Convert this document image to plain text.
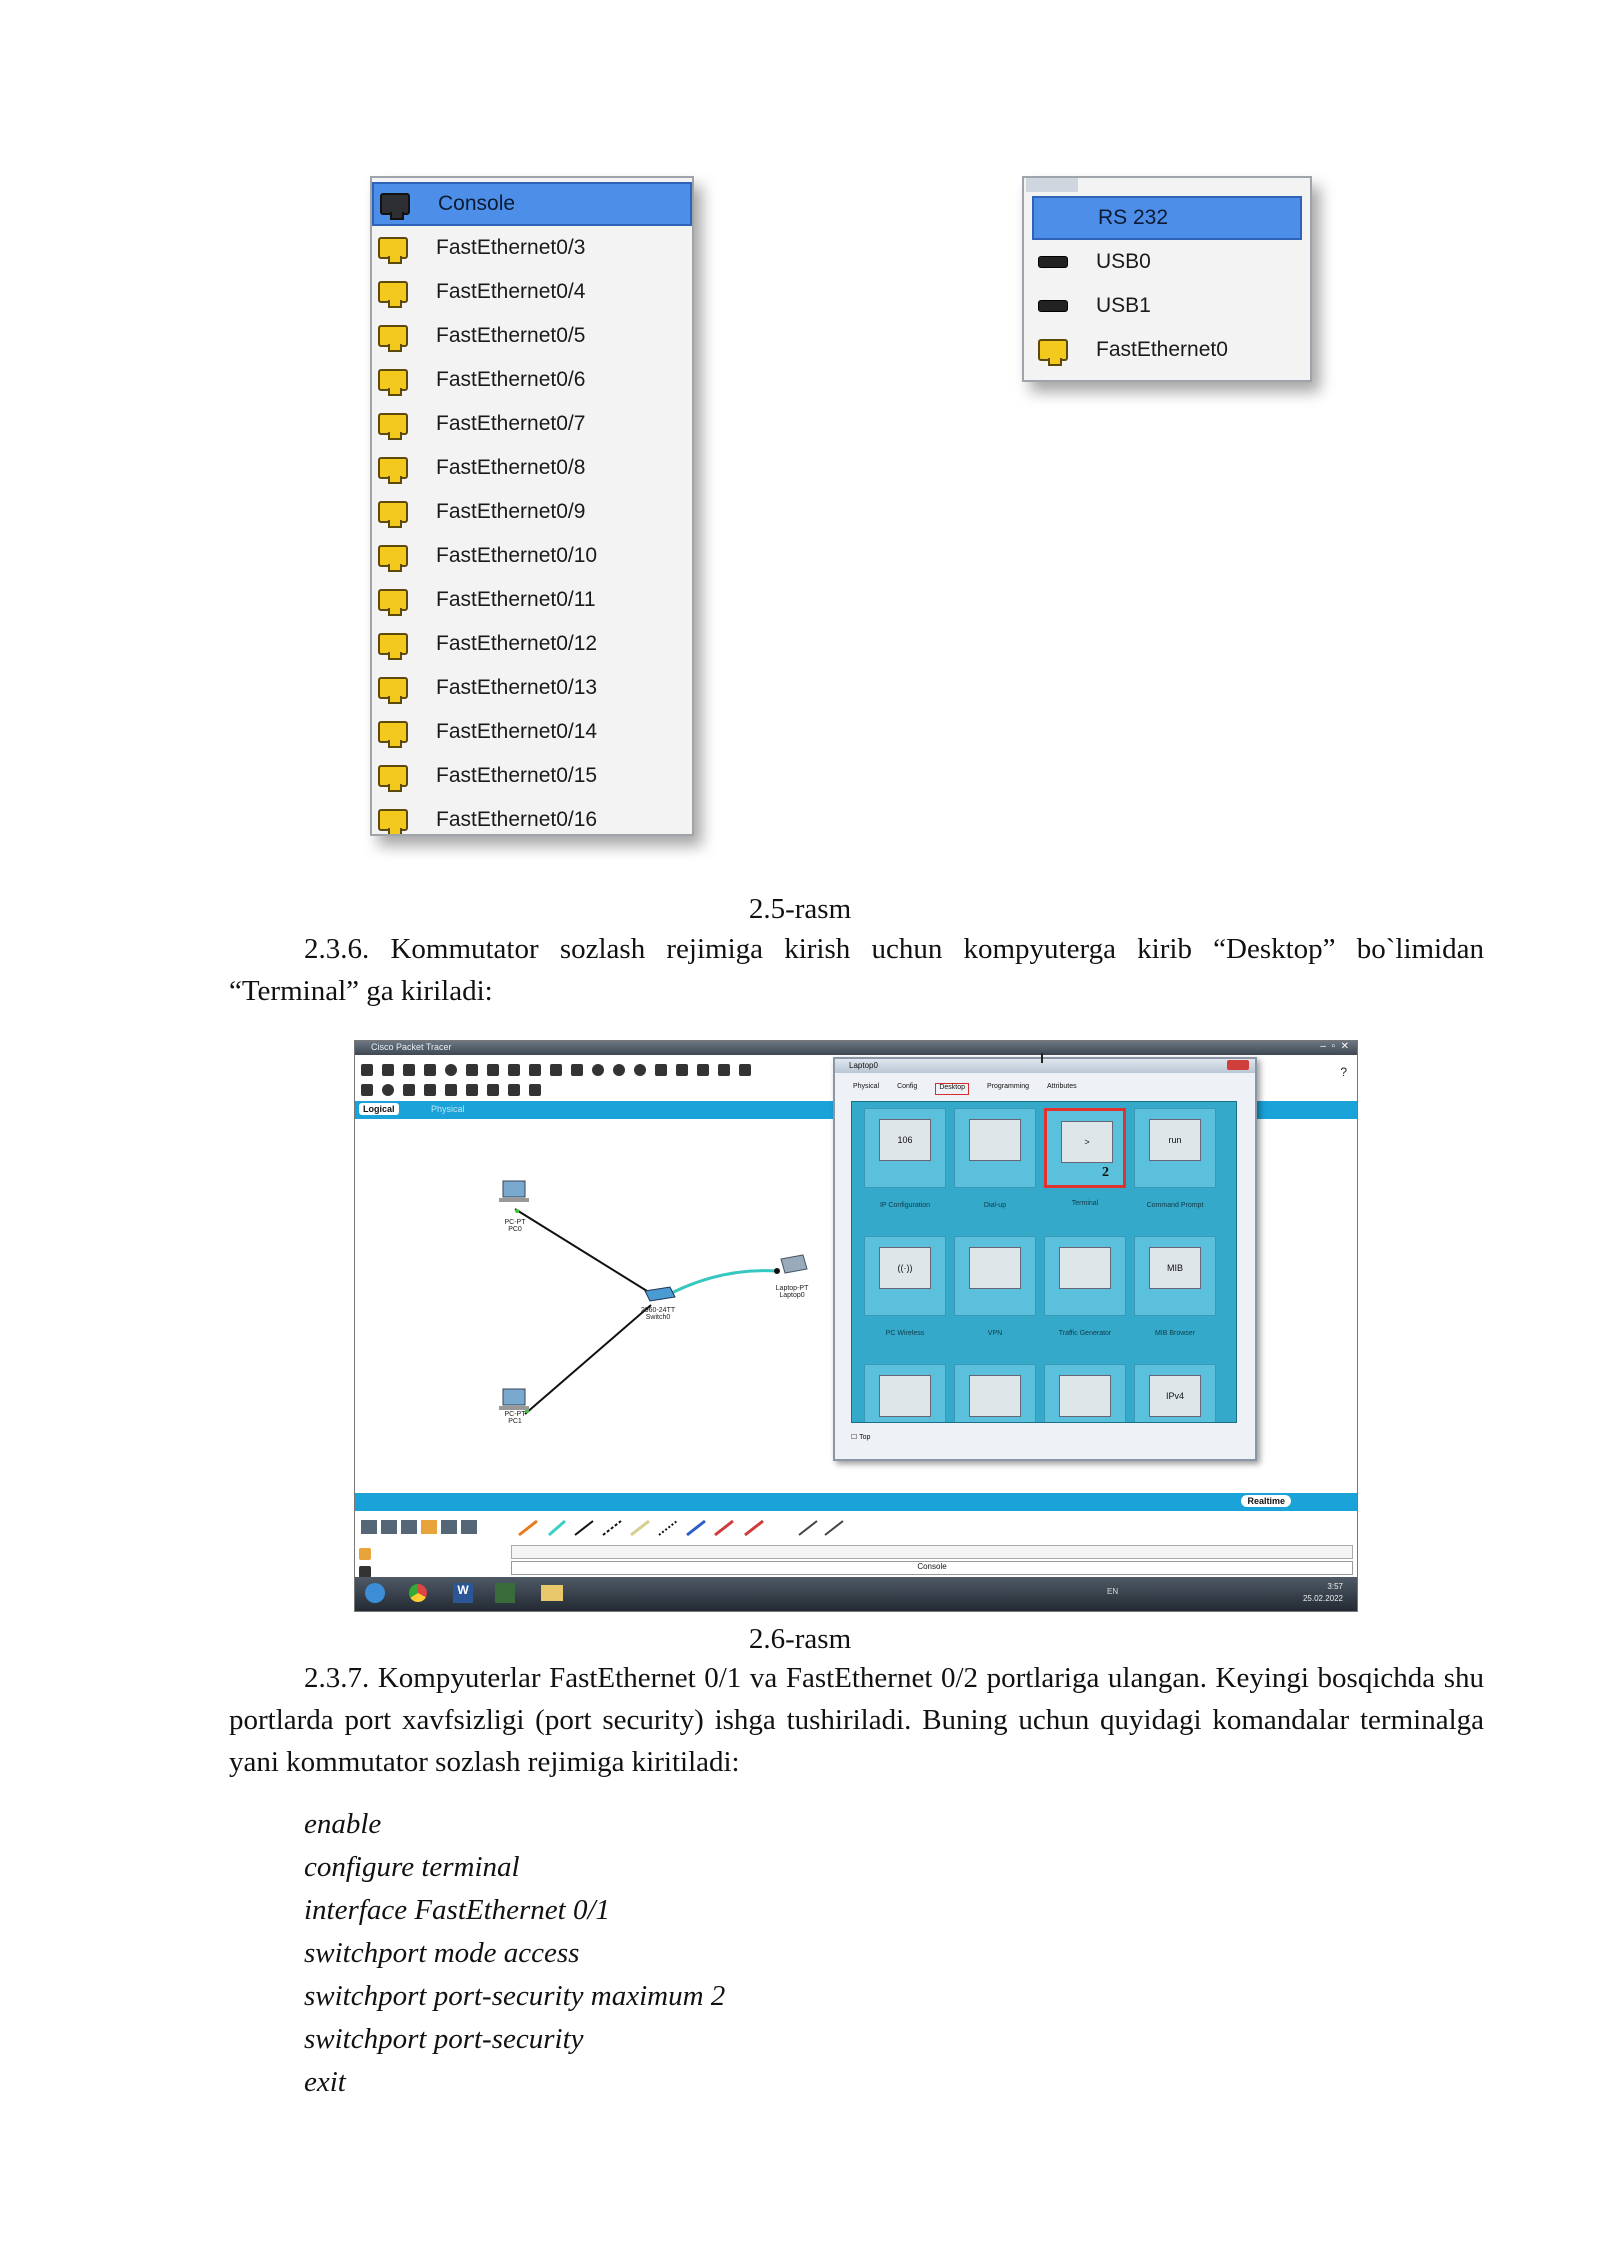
Console
FastEthernet0/3
FastEthernet0/4
FastEthernet0/5
FastEthernet0/6
FastEthernet0/7
FastEthernet0/8
FastEthernet0/9
FastEthernet0/10
FastEthernet0/11
FastEthernet0/12
FastEthernet0/13
FastEthernet0/14
FastEthernet0/15
FastEthernet0/16
RS 232
USB0
USB1
FastEthernet0
2.5-rasm
2.3.6. Kommutator sozlash rejimiga kirish uchun kompyuterga kirib “Desktop” bo`limidan “Terminal” ga kiriladi:
Cisco Packet Tracer	–  ▫  ✕
?
Logical	Physical
PC-PT
PC0
PC-PT
PC1
2960-24TT
Switch0
Laptop-PT
Laptop0
Laptop0
Physical	Config	Desktop	Programming	Attributes
106
IP Configuration	Dial-up
>
2
Terminal
run
Command Prompt
((·))
PC Wireless	VPN	Traffic Generator
MIB
MIB Browser
IPv4
☐ Top
Realtime
Console
W	EN
3:57
25.02.2022
2.6-rasm
2.3.7. Kompyuterlar FastEthernet 0/1 va FastEthernet 0/2 portlariga ulangan. Keyingi bosqichda shu portlarda port xavfsizligi (port security) ishga tushiriladi. Buning uchun quyidagi komandalar terminalga yani kommutator sozlash rejimiga kiritiladi:
enable
configure terminal
interface FastEthernet 0/1
switchport mode access
switchport port-security maximum 2
switchport port-security
exit
